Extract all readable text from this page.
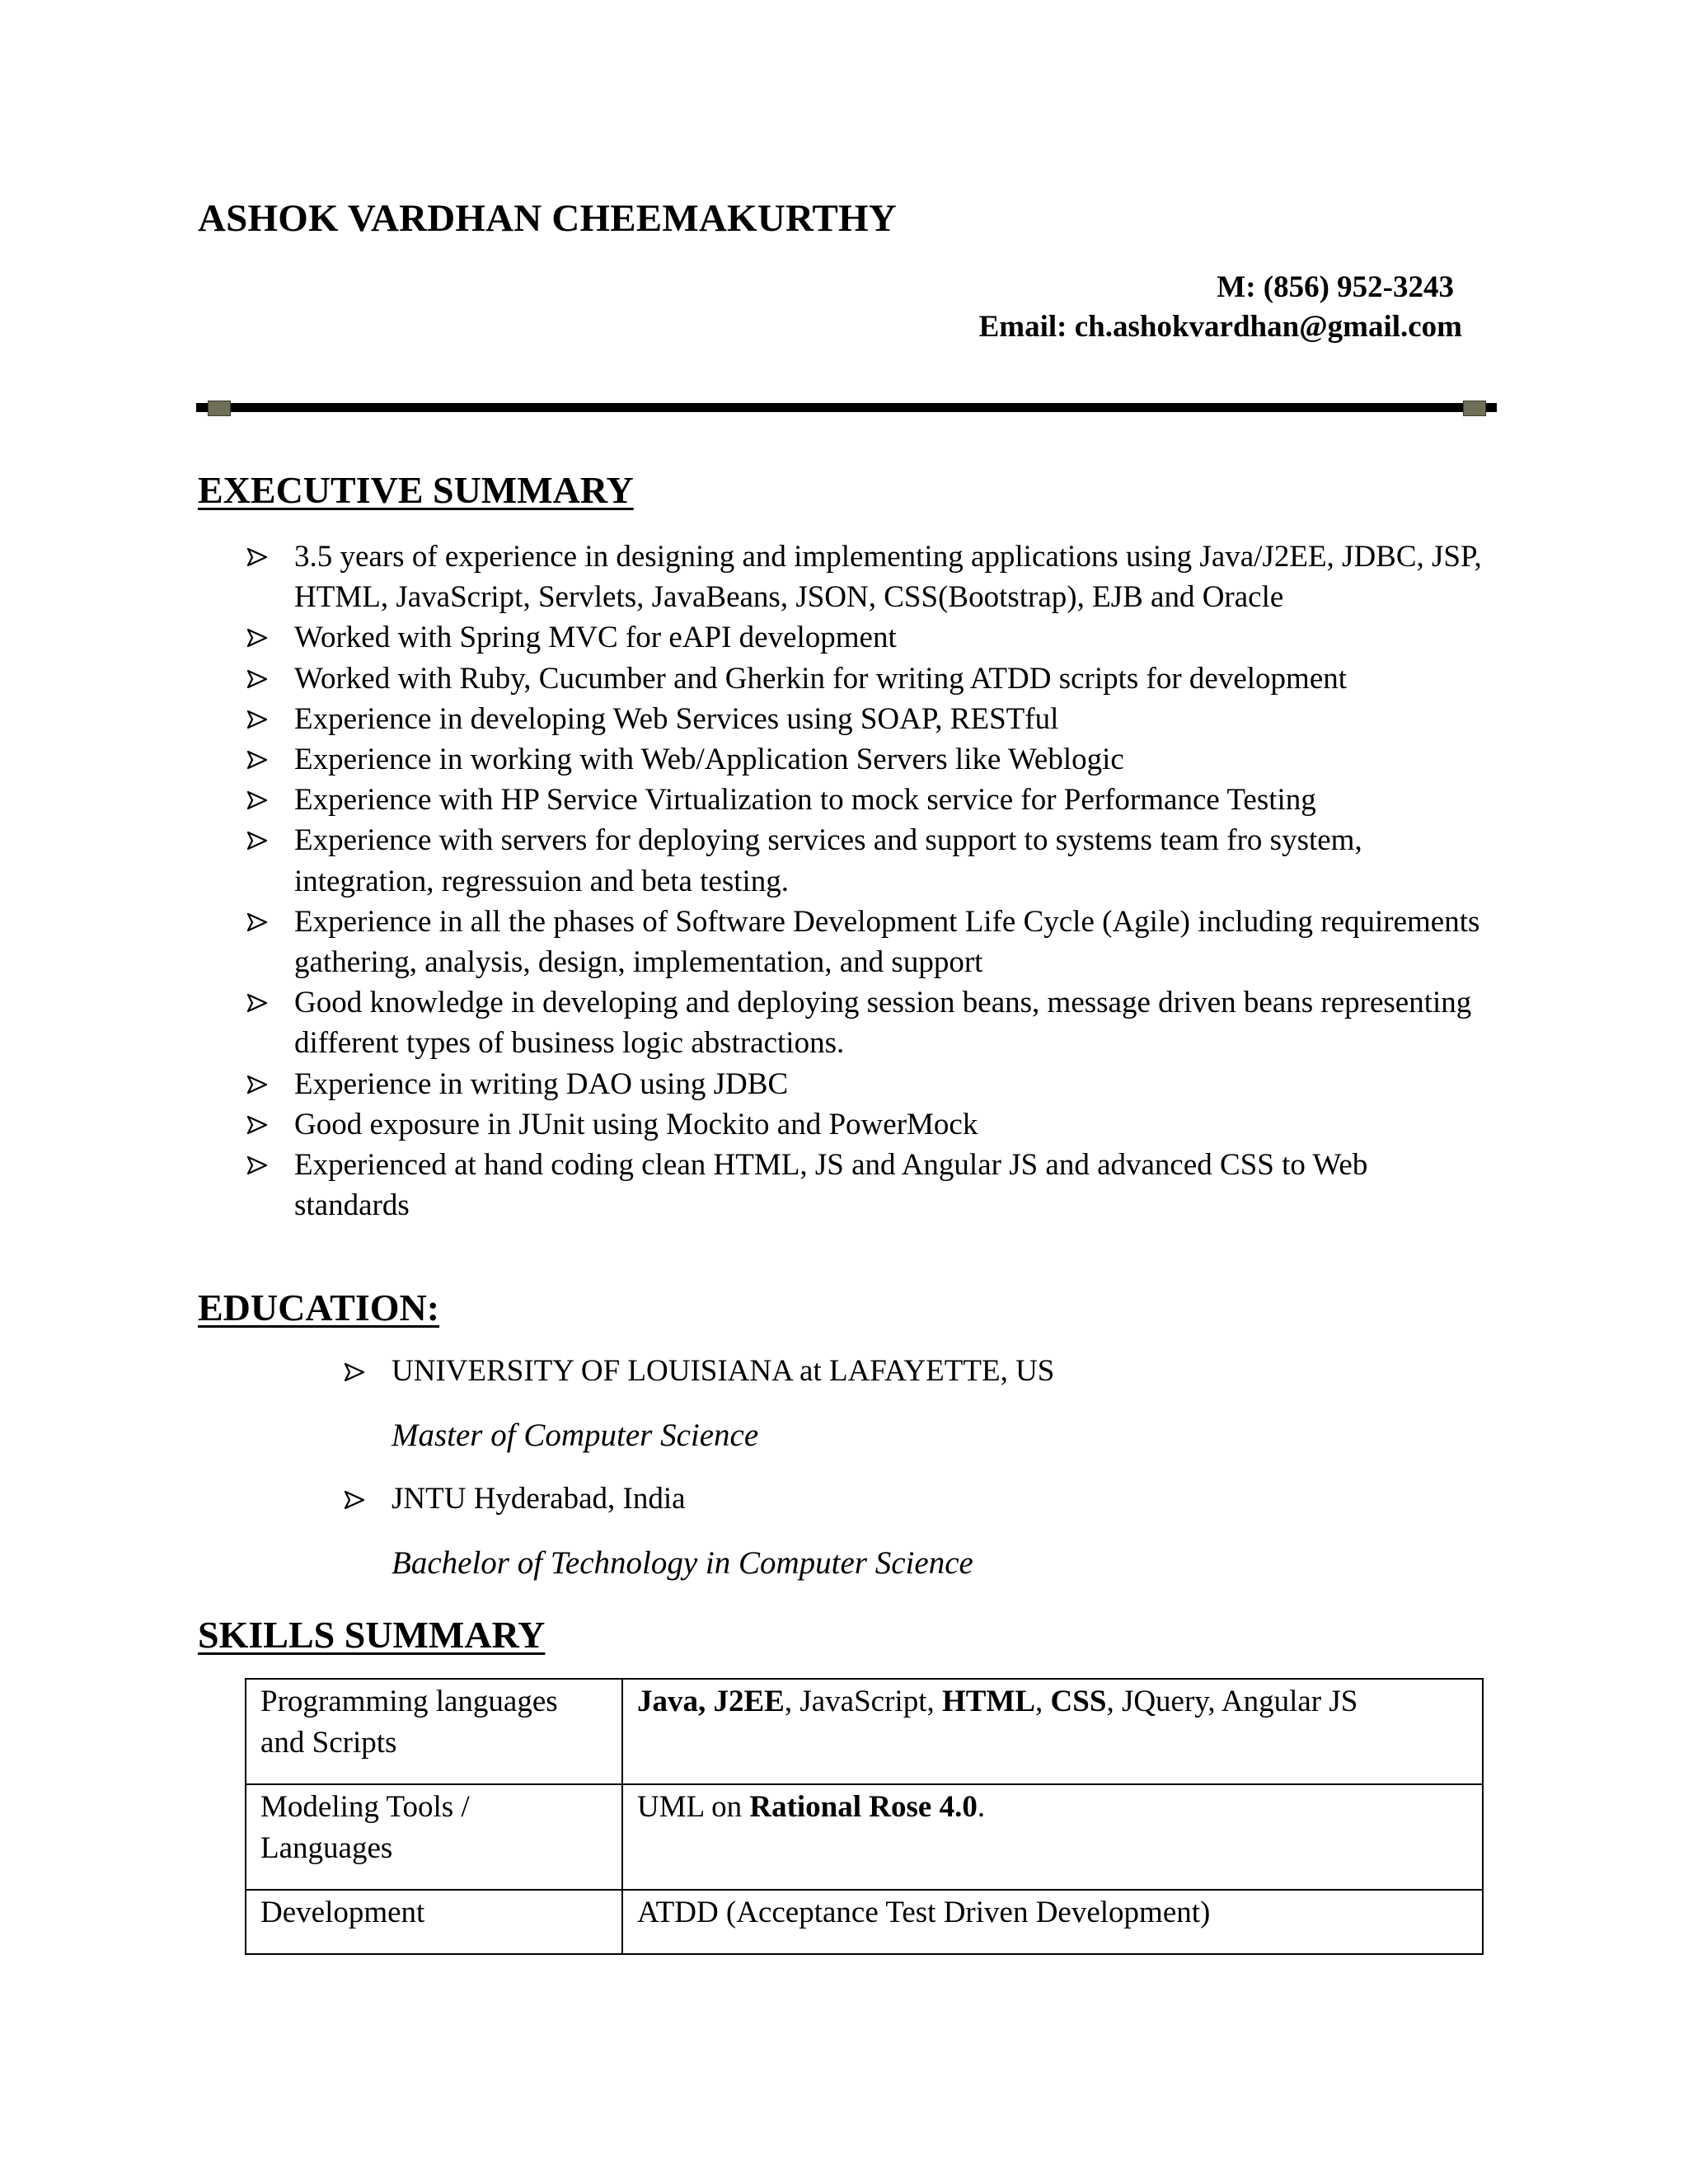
ASHOK VARDHAN CHEEMAKURTHY
M: (856) 952-3243
Email: ch.ashokvardhan@gmail.com
EXECUTIVE SUMMARY
3.5 years of experience in designing and implementing applications using Java/J2EE, JDBC, JSP, HTML, JavaScript, Servlets, JavaBeans, JSON, CSS(Bootstrap), EJB and Oracle
Worked with Spring MVC for eAPI development
Worked with Ruby, Cucumber and Gherkin for writing ATDD scripts for development
Experience in developing Web Services using SOAP, RESTful
Experience in working with Web/Application Servers like Weblogic
Experience with HP Service Virtualization to mock service for Performance Testing
Experience with servers for deploying services and support to systems team fro system, integration, regressuion and beta testing.
Experience in all the phases of Software Development Life Cycle (Agile) including requirements gathering, analysis, design, implementation, and support
Good knowledge in developing and deploying session beans, message driven beans representing different types of business logic abstractions.
Experience in writing DAO using JDBC
Good exposure in JUnit using Mockito and PowerMock
Experienced at hand coding clean HTML, JS and Angular JS and advanced CSS to Web standards
EDUCATION:
UNIVERSITY OF LOUISIANA at LAFAYETTE, US
Master of Computer Science
JNTU Hyderabad, India
Bachelor of Technology in Computer Science
SKILLS SUMMARY
Programming languages and Scripts	Java, J2EE, JavaScript, HTML, CSS, JQuery, Angular JS
Modeling Tools / Languages	UML on Rational Rose 4.0.
Development	ATDD (Acceptance Test Driven Development)
